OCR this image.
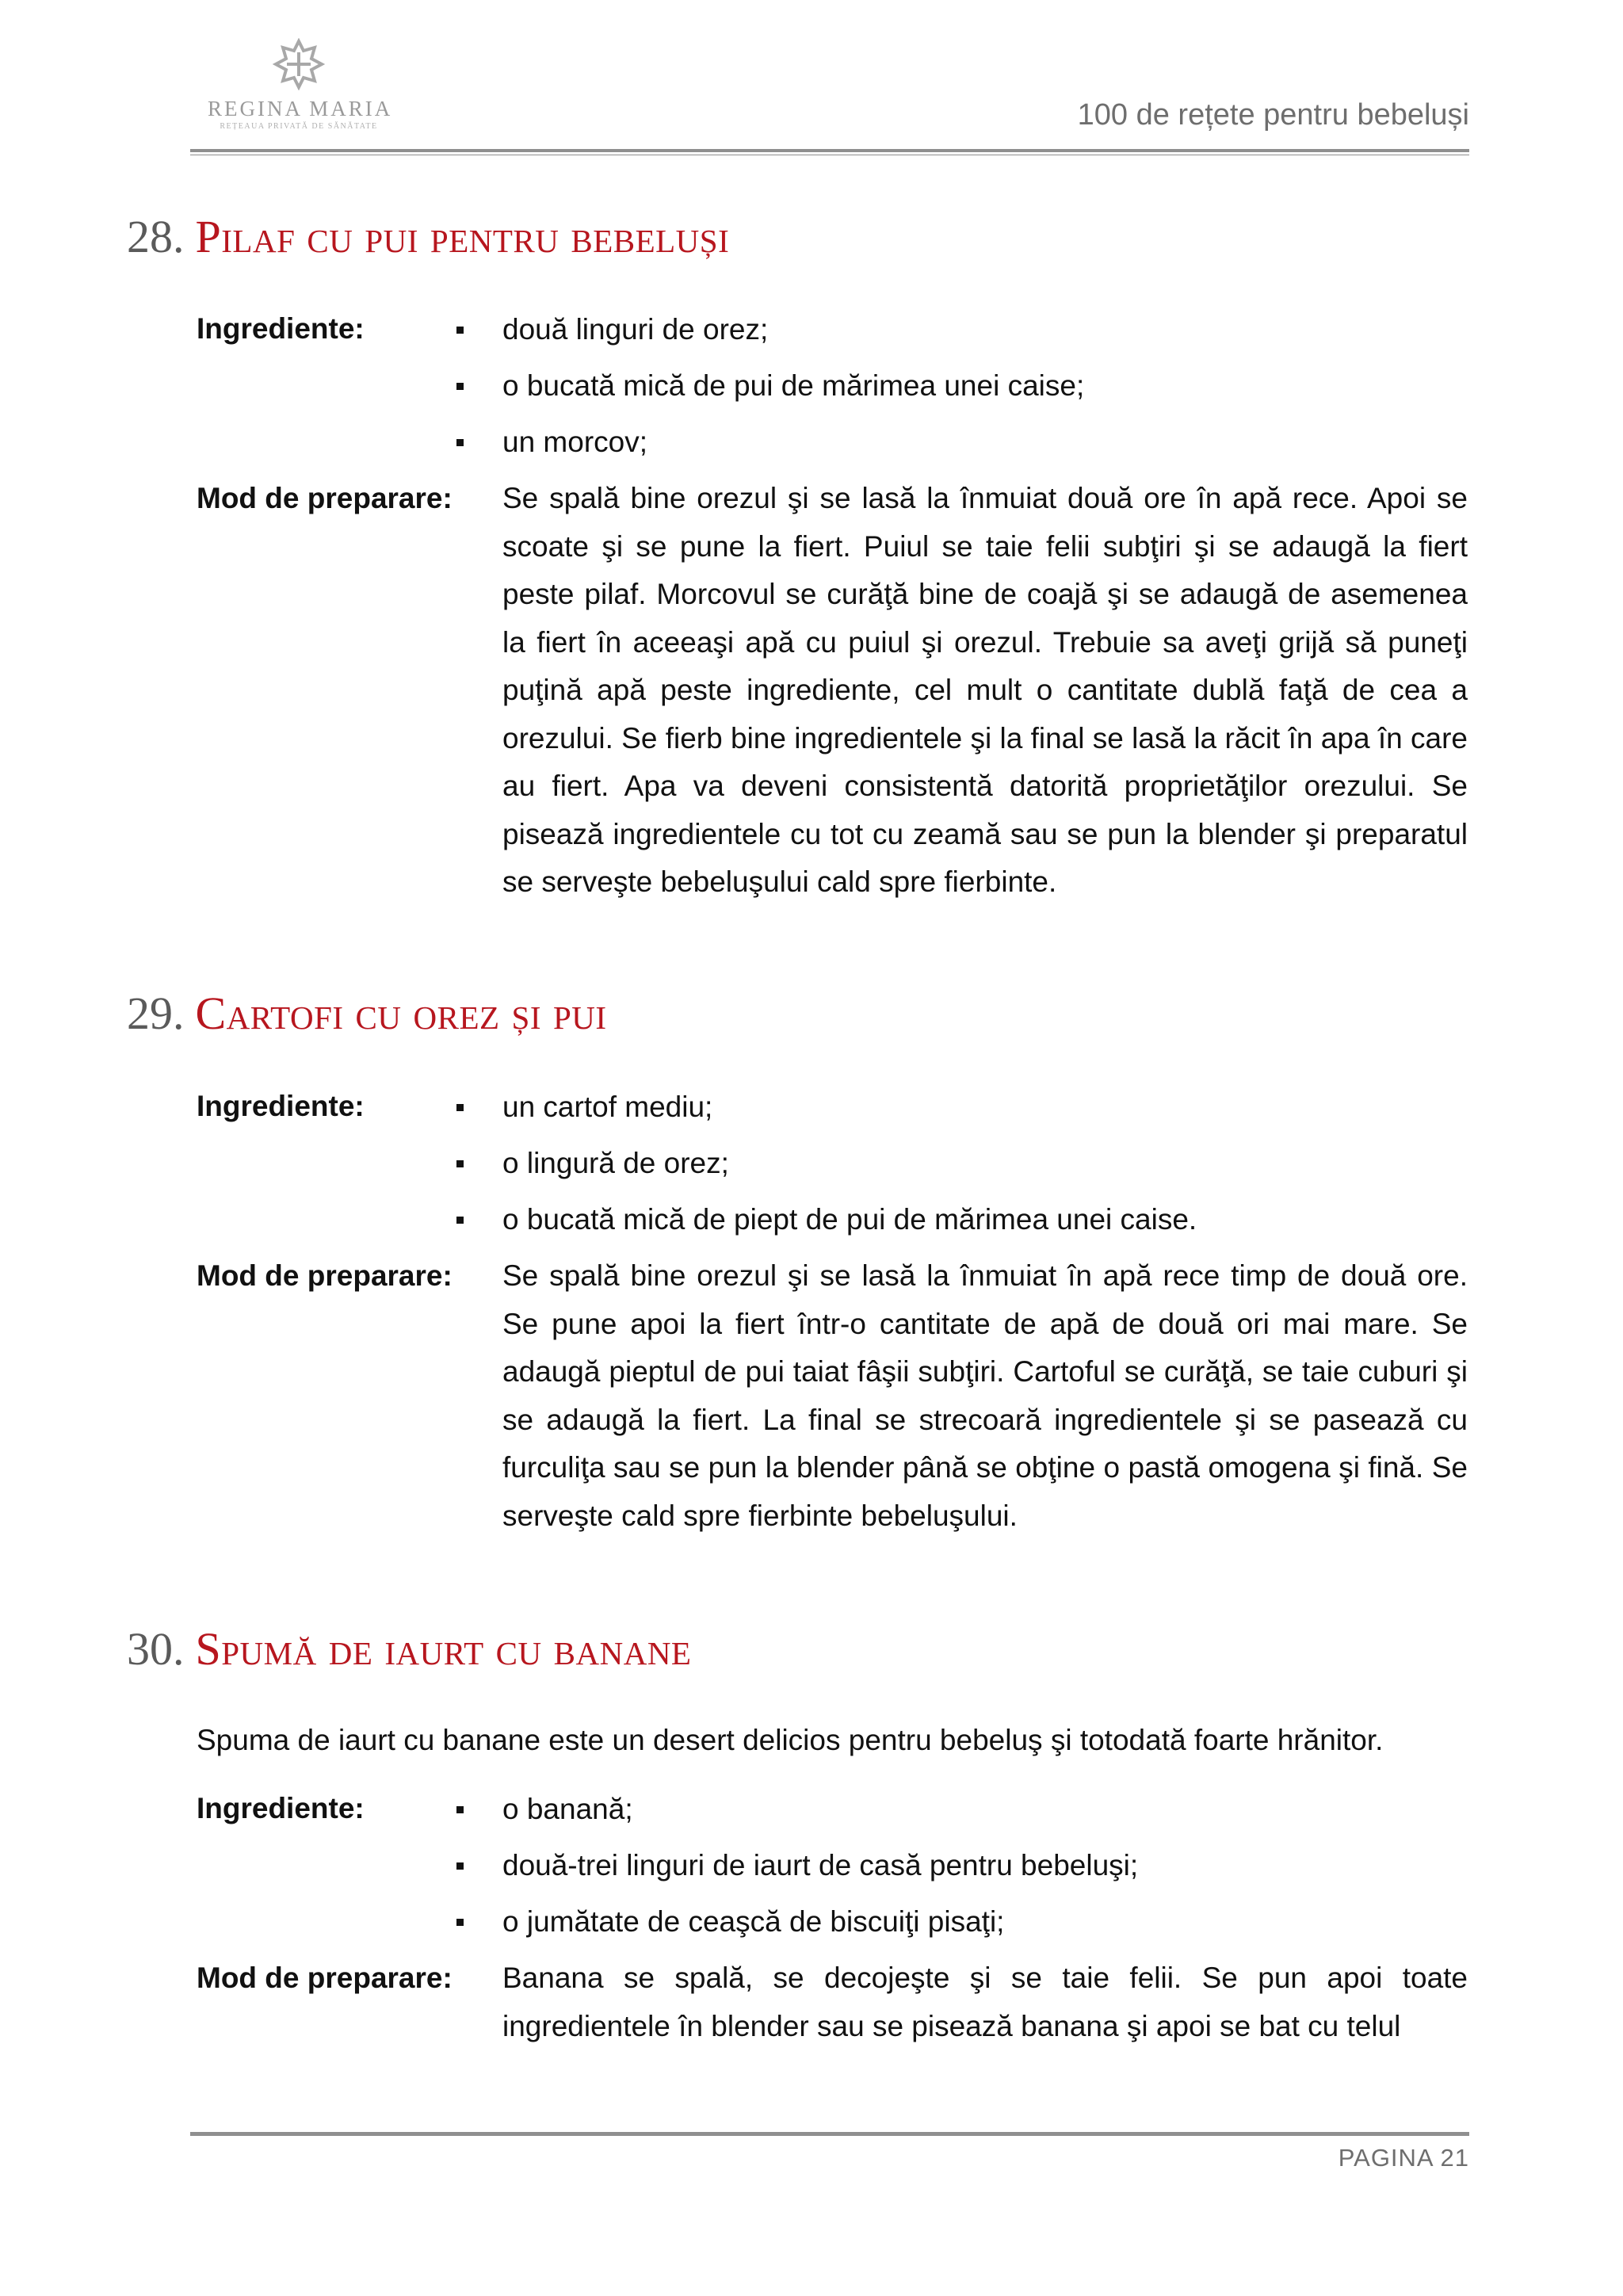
REGINA MARIA
REȚEAUA PRIVATĂ DE SĂNĂTATE	100 de rețete pentru bebeluși
28. Pilaf cu pui pentru bebeluși
Ingrediente:	două linguri de orez;
o bucată mică de pui de mărimea unei caise;
un morcov;
Mod de preparare: Se spală bine orezul şi se lasă la înmuiat două ore în apă rece. Apoi se scoate şi se pune la fiert. Puiul se taie felii subţiri şi se adaugă la fiert peste pilaf. Morcovul se curăţă bine de coajă şi se adaugă de asemenea la fiert în aceeaşi apă cu puiul şi orezul. Trebuie sa aveţi grijă să puneţi puţină apă peste ingrediente, cel mult o cantitate dublă faţă de cea a orezului. Se fierb bine ingredientele şi la final se lasă la răcit în apa în care au fiert. Apa va deveni consistentă datorită proprietăţilor orezului. Se pisează ingredientele cu tot cu zeamă sau se pun la blender şi preparatul se serveşte bebeluşului cald spre fierbinte.

29. Cartofi cu orez și pui
Ingrediente:	un cartof mediu;
o lingură de orez;
o bucată mică de piept de pui de mărimea unei caise.
Mod de preparare: Se spală bine orezul şi se lasă la înmuiat în apă rece timp de două ore. Se pune apoi la fiert într-o cantitate de apă de două ori mai mare. Se adaugă pieptul de pui taiat fâşii subţiri. Cartoful se curăţă, se taie cuburi şi se adaugă la fiert. La final se strecoară ingredientele şi se pasează cu furculiţa sau se pun la blender până se obţine o pastă omogena şi fină. Se serveşte cald spre fierbinte bebeluşului.

30. Spumă de iaurt cu banane
Spuma de iaurt cu banane este un desert delicios pentru bebeluş şi totodată foarte hrănitor.
Ingrediente:	o banană;
două-trei linguri de iaurt de casă pentru bebeluşi;
o jumătate de ceaşcă de biscuiţi pisaţi;
Mod de preparare: Banana se spală, se decojeşte şi se taie felii. Se pun apoi toate ingredientele în blender sau se pisează banana şi apoi se bat cu telul

PAGINA 21
